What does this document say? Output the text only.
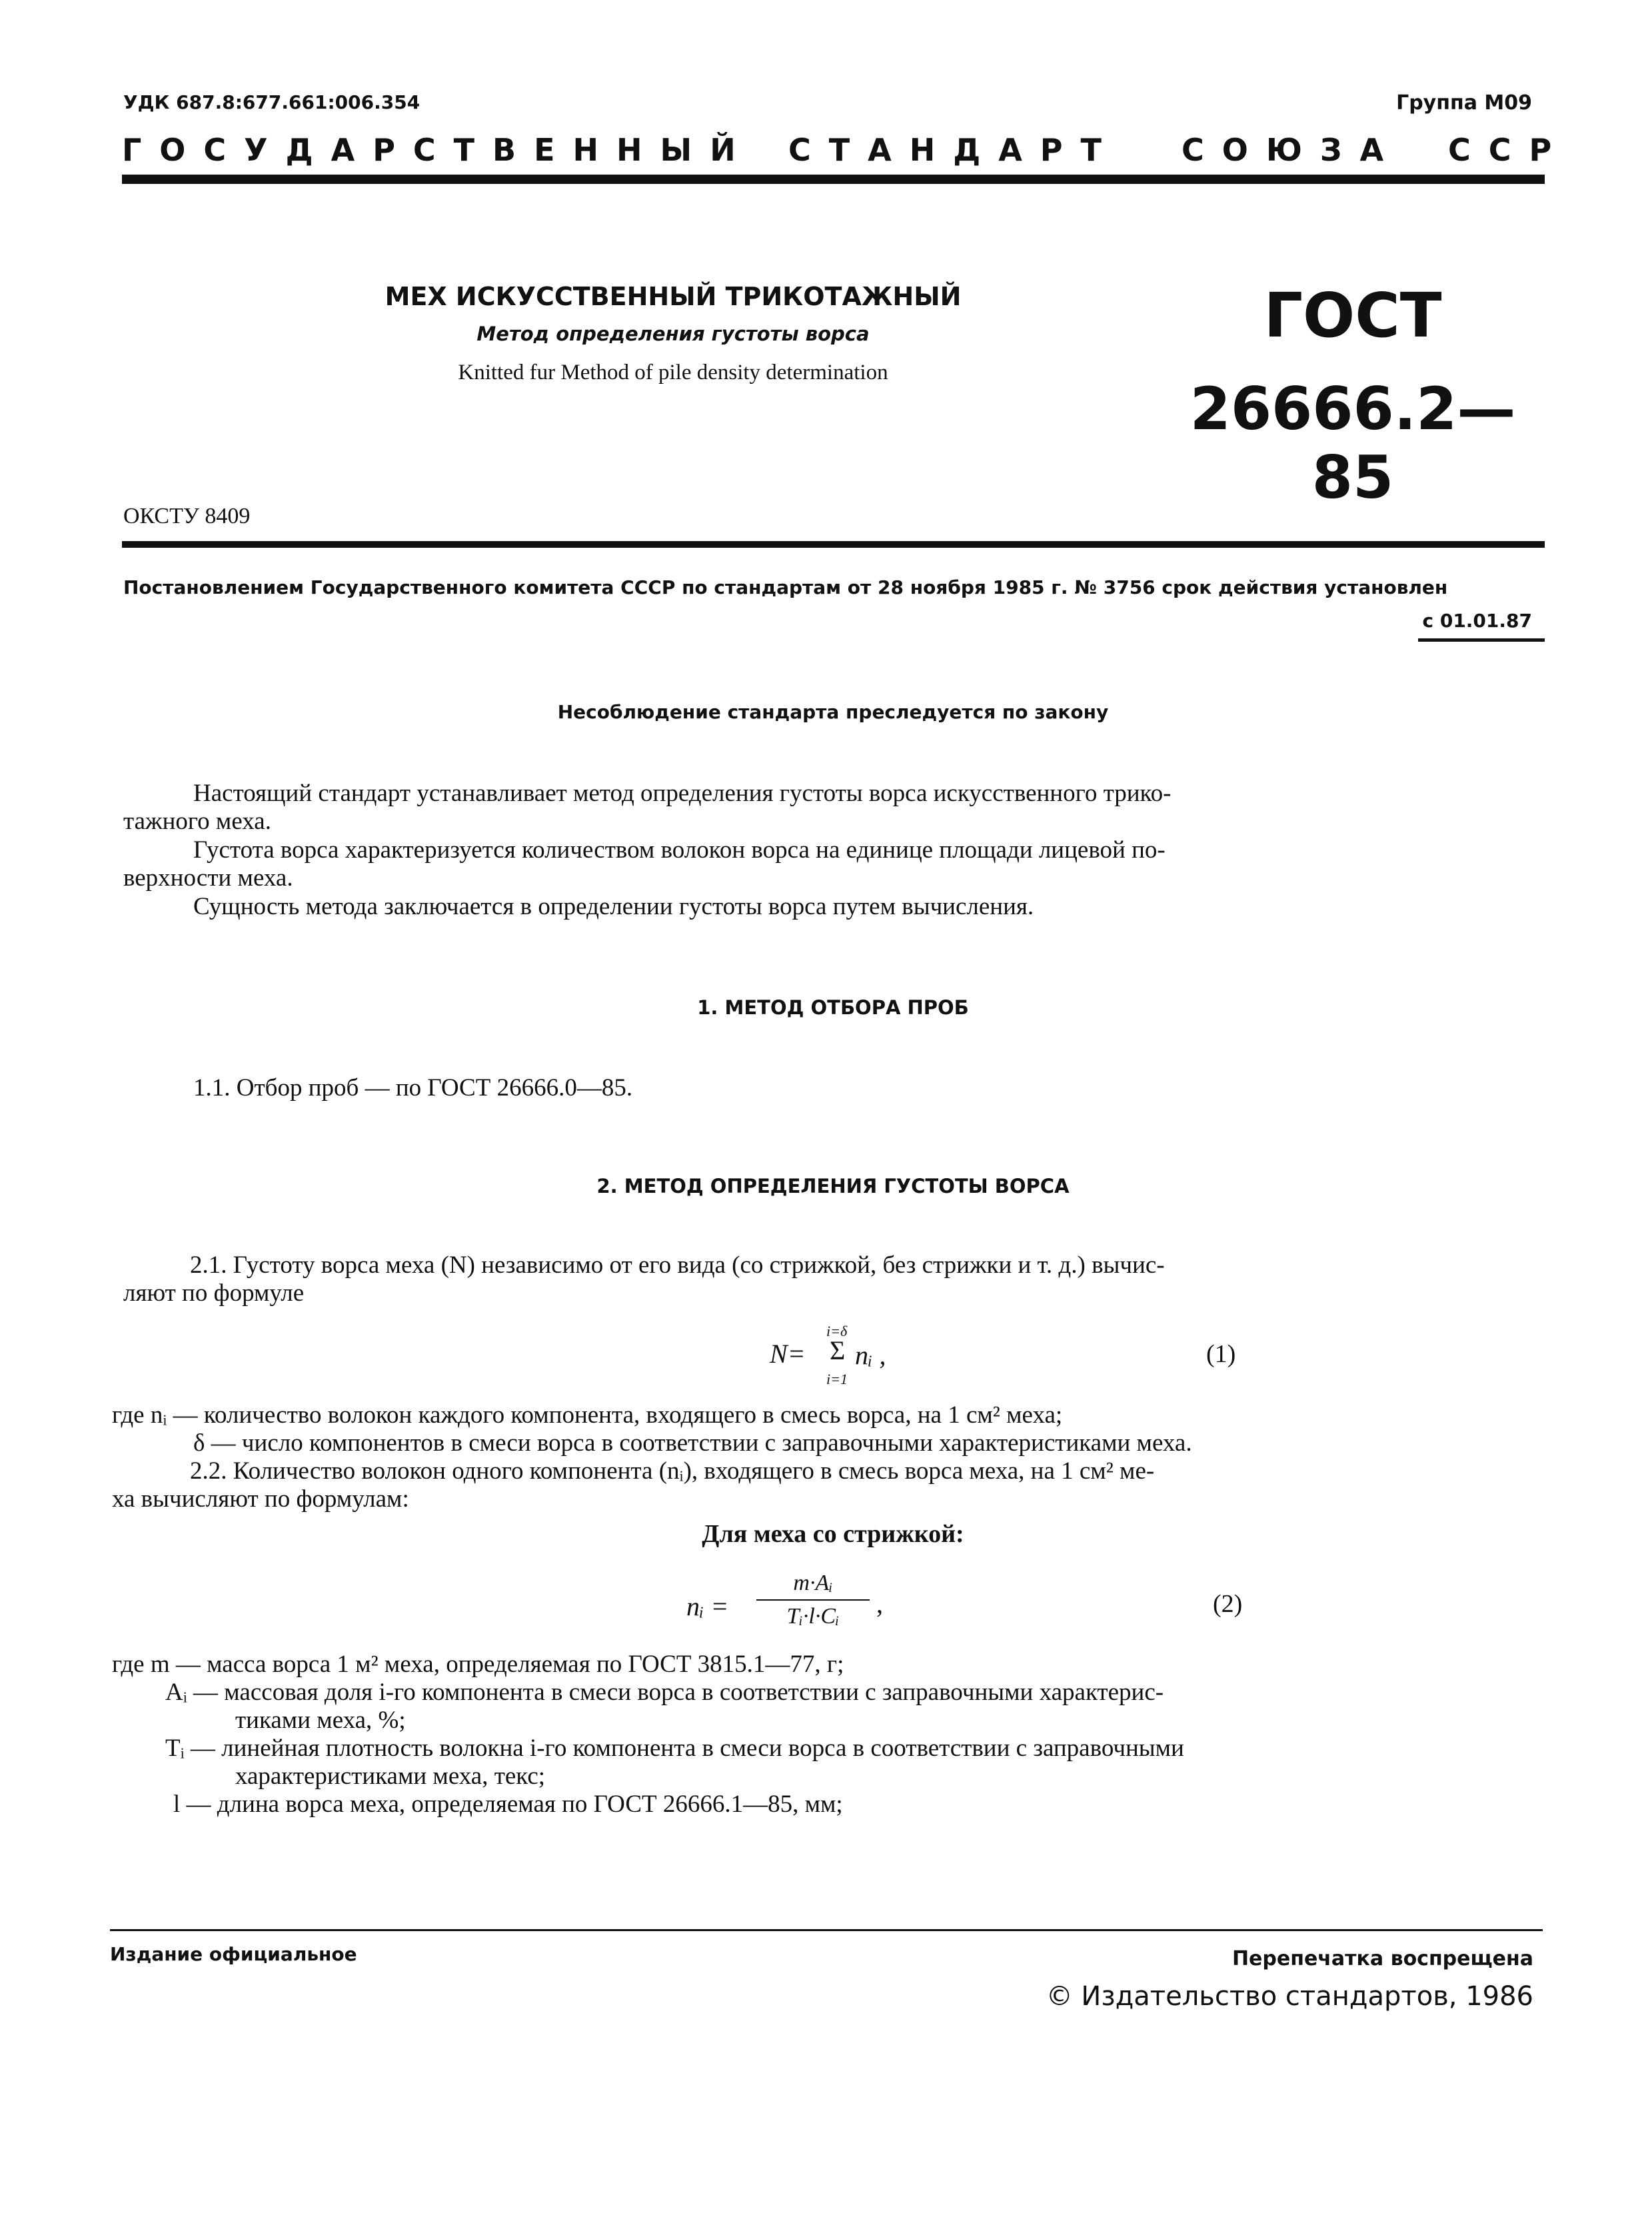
УДК 687.8:677.661:006.354	Группа М09
ГОСУДАРСТВЕННЫЙ СТАНДАРТ СОЮЗА ССР
МЕХ ИСКУССТВЕННЫЙ ТРИКОТАЖНЫЙ
Метод определения густоты ворса
Knitted fur Method of pile density determination
ГОСТ
26666.2—85
ОКСТУ 8409
Постановлением Государственного комитета СССР по стандартам от 28 ноября 1985 г. № 3756 срок действия установлен
с 01.01.87
Несоблюдение стандарта преследуется по закону
Настоящий стандарт устанавливает метод определения густоты ворса искусственного трико-
тажного меха.
Густота ворса характеризуется количеством волокон ворса на единице площади лицевой по-
верхности меха.
Сущность метода заключается в определении густоты ворса путем вычисления.
1. МЕТОД ОТБОРА ПРОБ
1.1. Отбор проб — по ГОСТ 26666.0—85.
2. МЕТОД ОПРЕДЕЛЕНИЯ ГУСТОТЫ ВОРСА
2.1. Густоту ворса меха (N) независимо от его вида (со стрижкой, без стрижки и т. д.) вычис-
ляют по формуле
N=
i=δ
Σ
i=1
nᵢ ,	(1)
где nᵢ — количество волокон каждого компонента, входящего в смесь ворса, на 1 см² меха;
δ — число компонентов в смеси ворса в соответствии с заправочными характеристиками меха.
2.2. Количество волокон одного компонента (nᵢ), входящего в смесь ворса меха, на 1 см² ме-
ха вычисляют по формулам:
Для меха со стрижкой:
nᵢ =
m·Aᵢ
Tᵢ·l·Cᵢ	,	(2)
где m — масса ворса 1 м² меха, определяемая по ГОСТ 3815.1—77, г;
Aᵢ — массовая доля i-го компонента в смеси ворса в соответствии с заправочными характерис-
тиками меха, %;
Tᵢ — линейная плотность волокна i-го компонента в смеси ворса в соответствии с заправочными
характеристиками меха, текс;
l — длина ворса меха, определяемая по ГОСТ 26666.1—85, мм;
Издание официальное	Перепечатка воспрещена
© Издательство стандартов, 1986
